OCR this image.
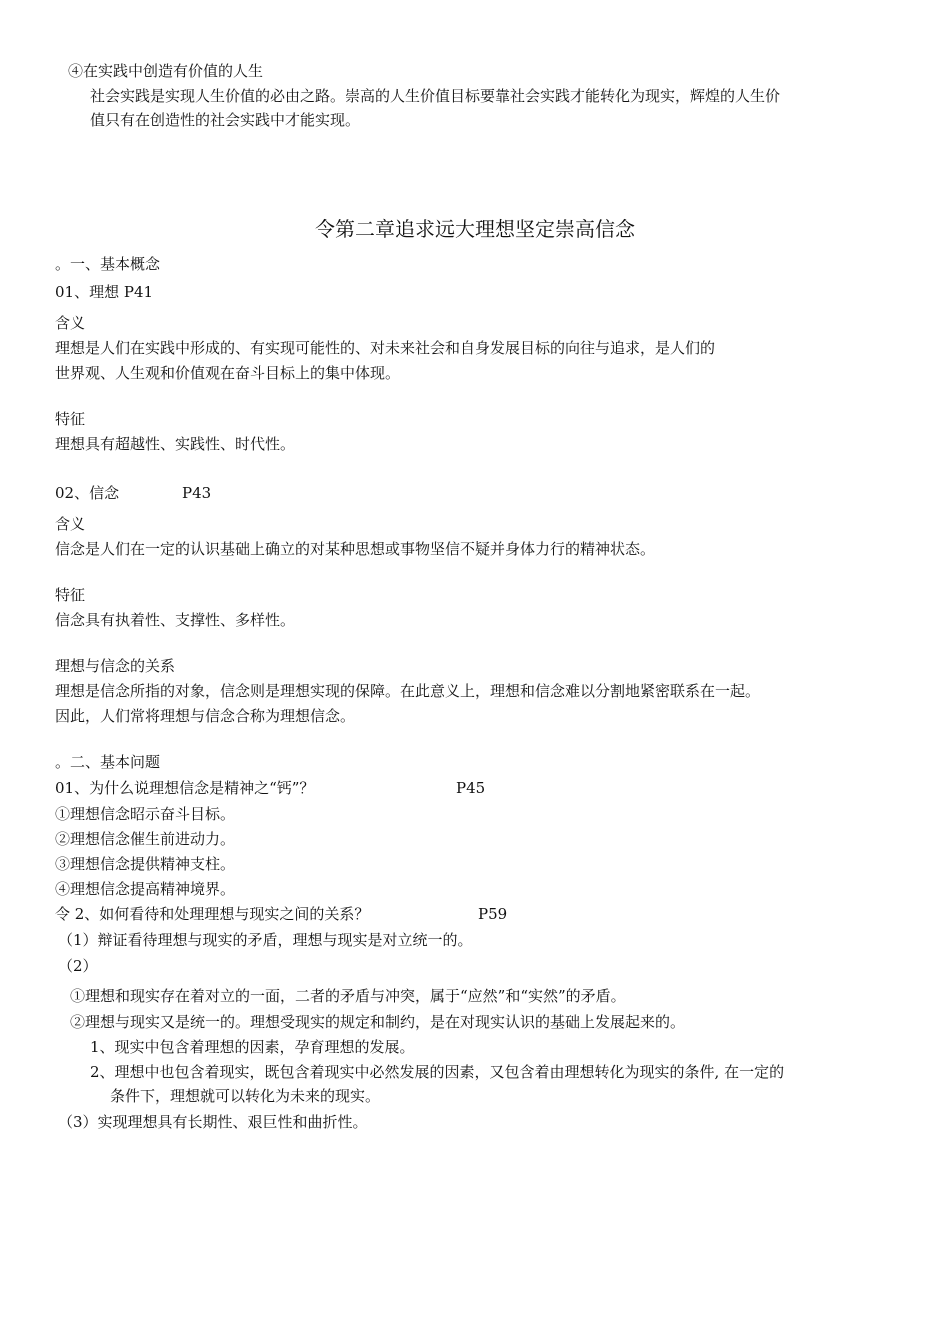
④在实践中创造有价值的人生
社会实践是实现人生价值的必由之路。崇高的人生价值目标要靠社会实践才能转化为现实，辉煌的人生价
值只有在创造性的社会实践中才能实现。
令第二章追求远大理想坚定崇高信念
。一、基本概念
01、理想 P41
含义
理想是人们在实践中形成的、有实现可能性的、对未来社会和自身发展目标的向往与追求，是人们的
世界观、人生观和价值观在奋斗目标上的集中体现。
特征
理想具有超越性、实践性、时代性。
02、信念	P43
含义
信念是人们在一定的认识基础上确立的对某种思想或事物坚信不疑并身体力行的精神状态。
特征
信念具有执着性、支撑性、多样性。
理想与信念的关系
理想是信念所指的对象，信念则是理想实现的保障。在此意义上，理想和信念难以分割地紧密联系在一起。
因此，人们常将理想与信念合称为理想信念。
。二、基本问题
01、为什么说理想信念是精神之“钙”？	P45
①理想信念昭示奋斗目标。
②理想信念催生前进动力。
③理想信念提供精神支柱。
④理想信念提高精神境界。
令 2、如何看待和处理理想与现实之间的关系？	P59
（1）辩证看待理想与现实的矛盾，理想与现实是对立统一的。
（2）
①理想和现实存在着对立的一面，二者的矛盾与冲突，属于“应然”和“实然”的矛盾。
②理想与现实又是统一的。理想受现实的规定和制约，是在对现实认识的基础上发展起来的。
1、现实中包含着理想的因素，孕育理想的发展。
2、理想中也包含着现实，既包含着现实中必然发展的因素，又包含着由理想转化为现实的条件, 在一定的
条件下，理想就可以转化为未来的现实。
（3）实现理想具有长期性、艰巨性和曲折性。
